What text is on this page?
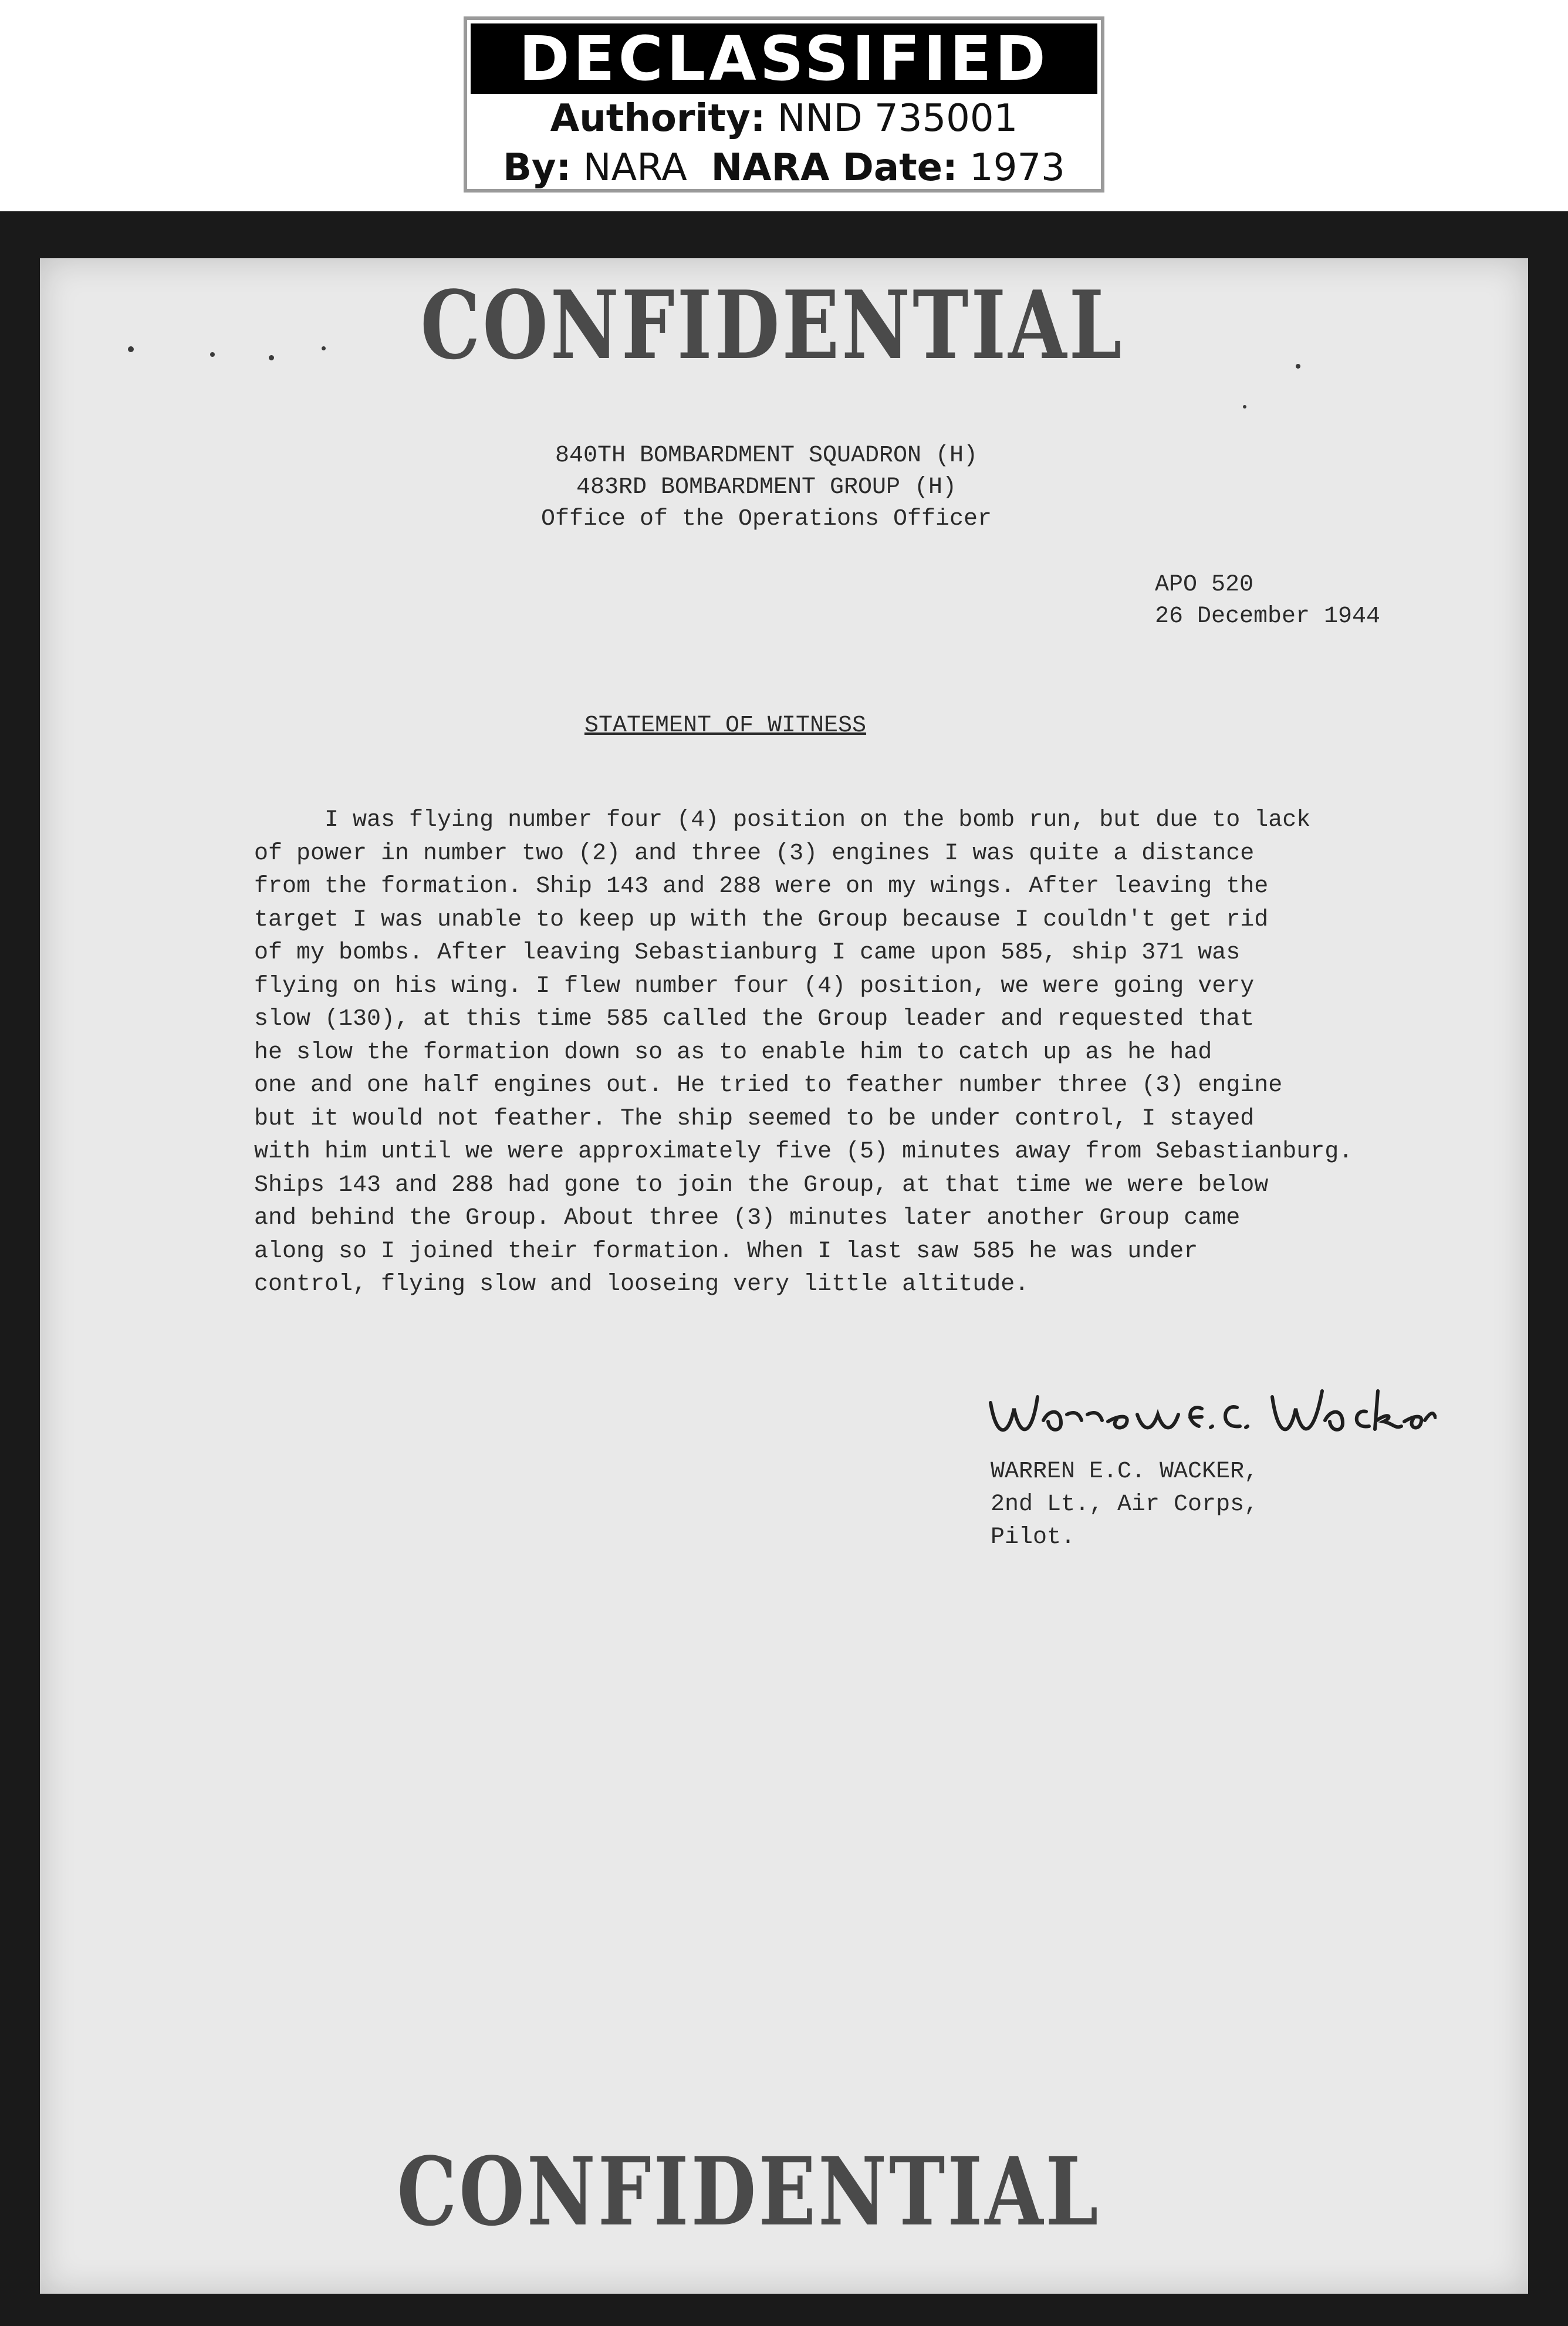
DECLASSIFIED
Authority: NND 735001
By: NARA NARA Date: 1973
CONFIDENTIAL
840TH BOMBARDMENT SQUADRON (H)
483RD BOMBARDMENT GROUP (H)
Office of the Operations Officer
APO 520
26 December 1944
STATEMENT OF WITNESS
I was flying number four (4) position on the bomb run, but due to lack
of power in number two (2) and three (3) engines I was quite a distance
from the formation. Ship 143 and 288 were on my wings. After leaving the
target I was unable to keep up with the Group because I couldn't get rid
of my bombs. After leaving Sebastianburg I came upon 585, ship 371 was
flying on his wing. I flew number four (4) position, we were going very
slow (130), at this time 585 called the Group leader and requested that
he slow the formation down so as to enable him to catch up as he had
one and one half engines out. He tried to feather number three (3) engine
but it would not feather. The ship seemed to be under control, I stayed
with him until we were approximately five (5) minutes away from Sebastianburg.
Ships 143 and 288 had gone to join the Group, at that time we were below
and behind the Group. About three (3) minutes later another Group came
along so I joined their formation. When I last saw 585 he was under
control, flying slow and looseing very little altitude.
WARREN E.C. WACKER,
2nd Lt., Air Corps,
Pilot.
CONFIDENTIAL
